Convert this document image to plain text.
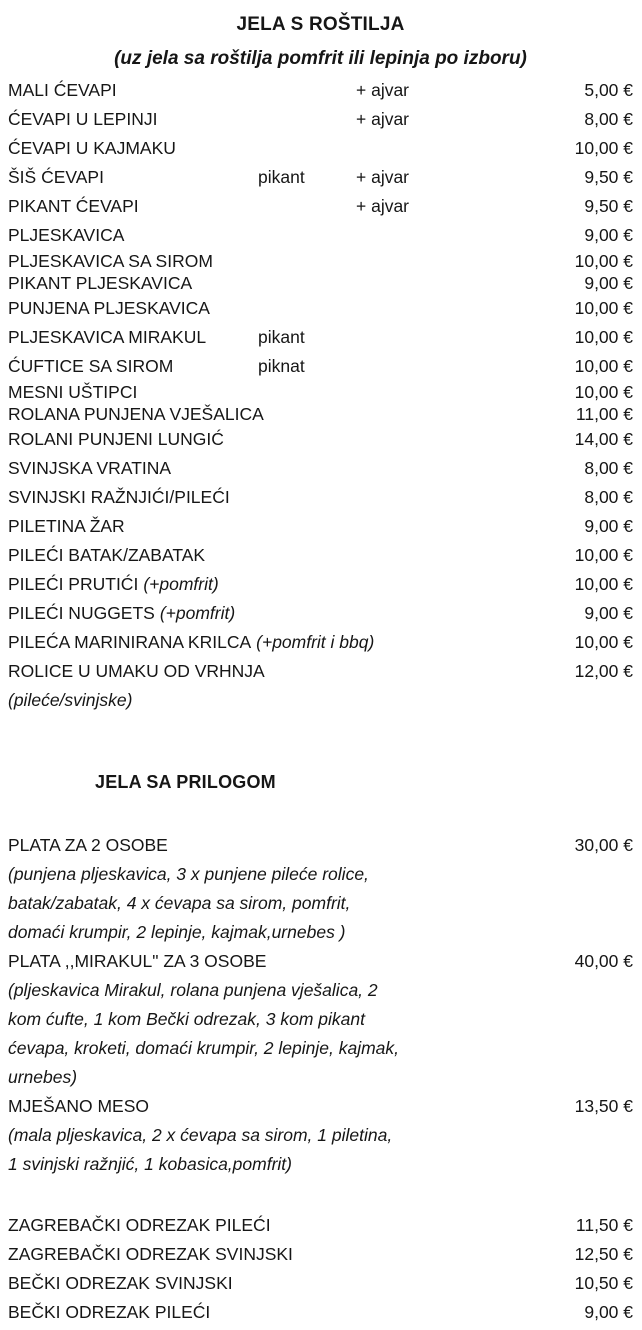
JELA S ROŠTILJA
(uz jela sa roštilja pomfrit ili lepinja po izboru)
MALI ĆEVAPI	+ ajvar	5,00 €
ĆEVAPI U LEPINJI	+ ajvar	8,00 €
ĆEVAPI U KAJMAKU	10,00 €
ŠIŠ ĆEVAPI	pikant	+ ajvar	9,50 €
PIKANT ĆEVAPI	+ ajvar	9,50 €
PLJESKAVICA	9,00 €
PLJESKAVICA SA SIROM	10,00 €
PIKANT PLJESKAVICA	9,00 €
PUNJENA PLJESKAVICA	10,00 €
PLJESKAVICA MIRAKUL	pikant	10,00 €
ĆUFTICE SA SIROM	piknat	10,00 €
MESNI UŠTIPCI	10,00 €
ROLANA PUNJENA VJEŠALICA	11,00 €
ROLANI PUNJENI LUNGIĆ	14,00 €
SVINJSKA VRATINA	8,00 €
SVINJSKI RAŽNJIĆI/PILEĆI	8,00 €
PILETINA ŽAR	9,00 €
PILEĆI BATAK/ZABATAK	10,00 €
PILEĆI PRUTIĆI (+pomfrit)	10,00 €
PILEĆI NUGGETS (+pomfrit)	9,00 €
PILEĆA MARINIRANA KRILCA (+pomfrit i bbq)	10,00 €
ROLICE U UMAKU OD VRHNJA	12,00 €
(pileće/svinjske)
JELA SA PRILOGOM
PLATA ZA 2 OSOBE	30,00 €
(punjena pljeskavica, 3 x punjene pileće rolice,
batak/zabatak, 4 x ćevapa sa sirom, pomfrit,
domaći krumpir, 2 lepinje, kajmak,urnebes )
PLATA ,,MIRAKUL" ZA 3 OSOBE	40,00 €
(pljeskavica Mirakul, rolana punjena vješalica, 2
kom ćufte, 1 kom Bečki odrezak, 3 kom pikant
ćevapa, kroketi, domaći krumpir, 2 lepinje, kajmak,
urnebes)
MJEŠANO MESO	13,50 €
(mala pljeskavica, 2 x ćevapa sa sirom, 1 piletina,
1 svinjski ražnjić, 1 kobasica,pomfrit)
ZAGREBAČKI ODREZAK PILEĆI	11,50 €
ZAGREBAČKI ODREZAK SVINJSKI	12,50 €
BEČKI ODREZAK SVINJSKI	10,50 €
BEČKI ODREZAK PILEĆI	9,00 €
